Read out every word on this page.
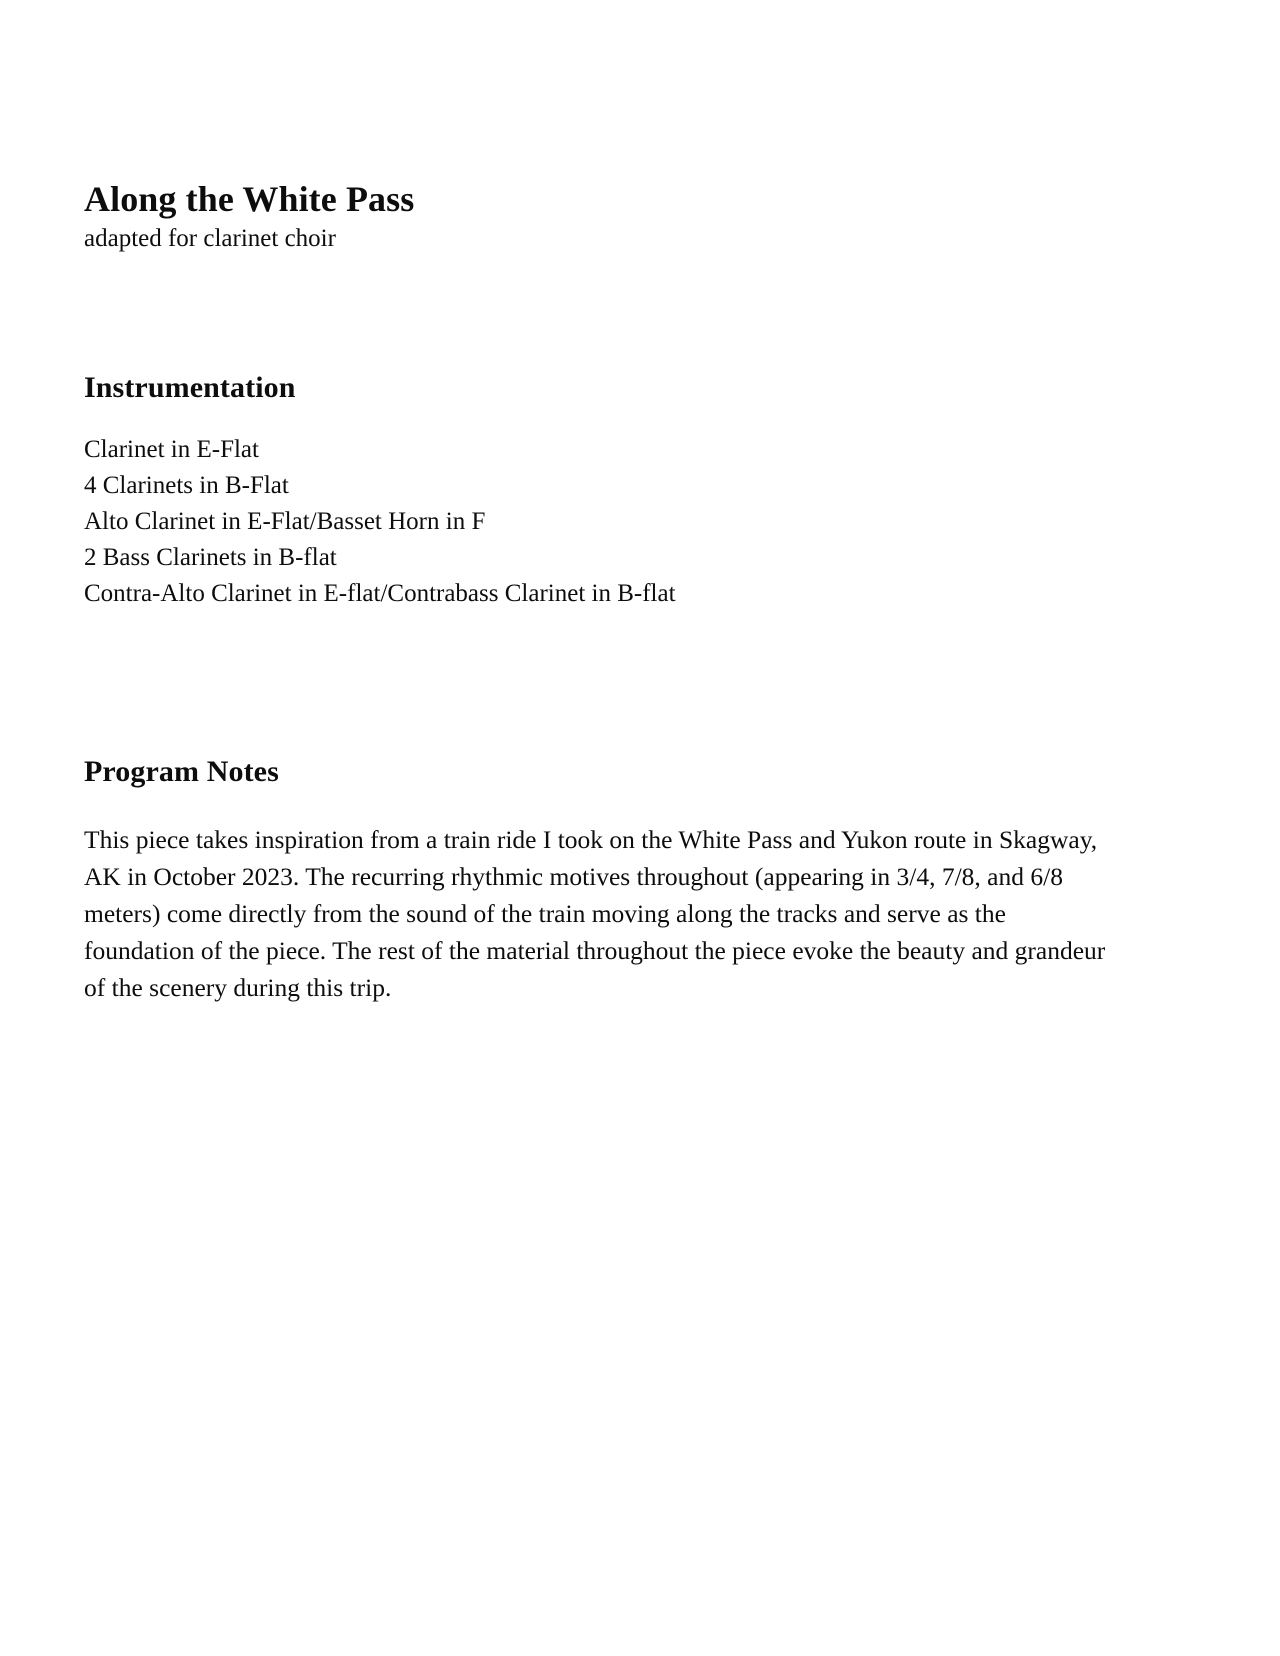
Along the White Pass
adapted for clarinet choir
Instrumentation
Clarinet in E-Flat
4 Clarinets in B-Flat
Alto Clarinet in E-Flat/Basset Horn in F
2 Bass Clarinets in B-flat
Contra-Alto Clarinet in E-flat/Contrabass Clarinet in B-flat
Program Notes

This piece takes inspiration from a train ride I took on the White Pass and Yukon route in Skagway, AK in October 2023. The recurring rhythmic motives throughout (appearing in 3/4, 7/8, and 6/8 meters) come directly from the sound of the train moving along the tracks and serve as the foundation of the piece. The rest of the material throughout the piece evoke the beauty and grandeur of the scenery during this trip.
